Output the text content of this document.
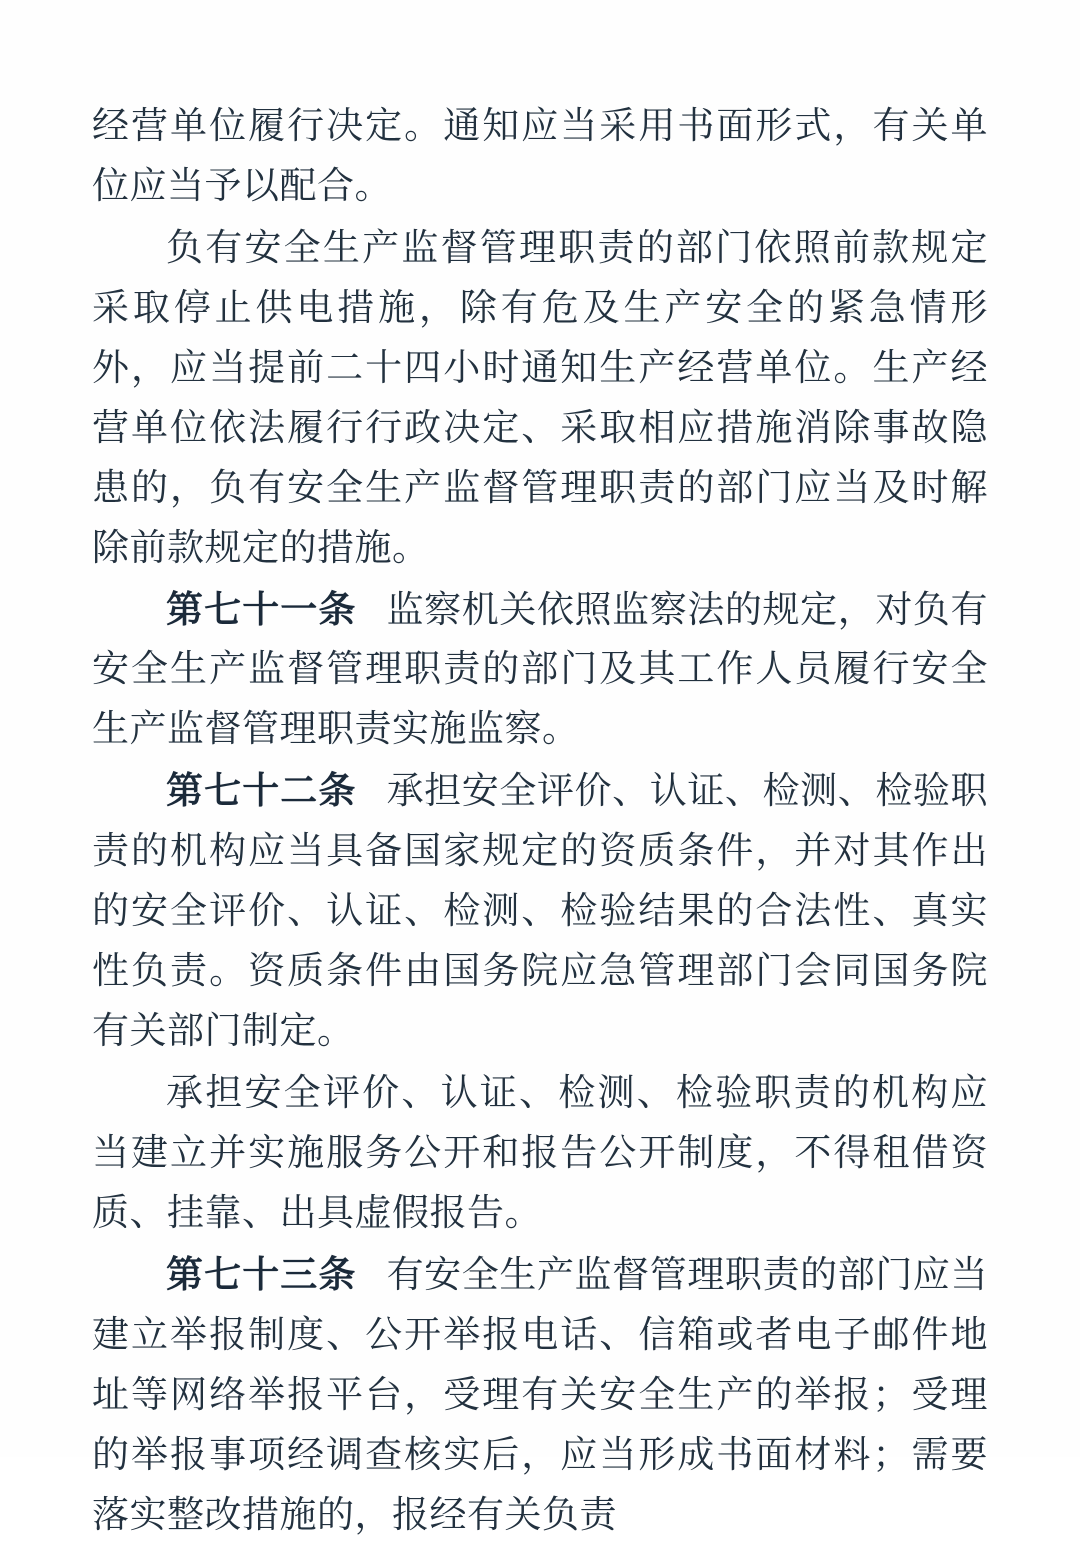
经营单位履行决定。通知应当采用书面形式，有关单位应当予以配合。

负有安全生产监督管理职责的部门依照前款规定采取停止供电措施，除有危及生产安全的紧急情形外，应当提前二十四小时通知生产经营单位。生产经营单位依法履行行政决定、采取相应措施消除事故隐患的，负有安全生产监督管理职责的部门应当及时解除前款规定的措施。

第七十一条 监察机关依照监察法的规定，对负有安全生产监督管理职责的部门及其工作人员履行安全生产监督管理职责实施监察。

第七十二条 承担安全评价、认证、检测、检验职责的机构应当具备国家规定的资质条件，并对其作出的安全评价、认证、检测、检验结果的合法性、真实性负责。资质条件由国务院应急管理部门会同国务院有关部门制定。

承担安全评价、认证、检测、检验职责的机构应当建立并实施服务公开和报告公开制度，不得租借资质、挂靠、出具虚假报告。

第七十三条 有安全生产监督管理职责的部门应当建立举报制度、公开举报电话、信箱或者电子邮件地址等网络举报平台，受理有关安全生产的举报；受理的举报事项经调查核实后，应当形成书面材料；需要落实整改措施的，报经有关负责
